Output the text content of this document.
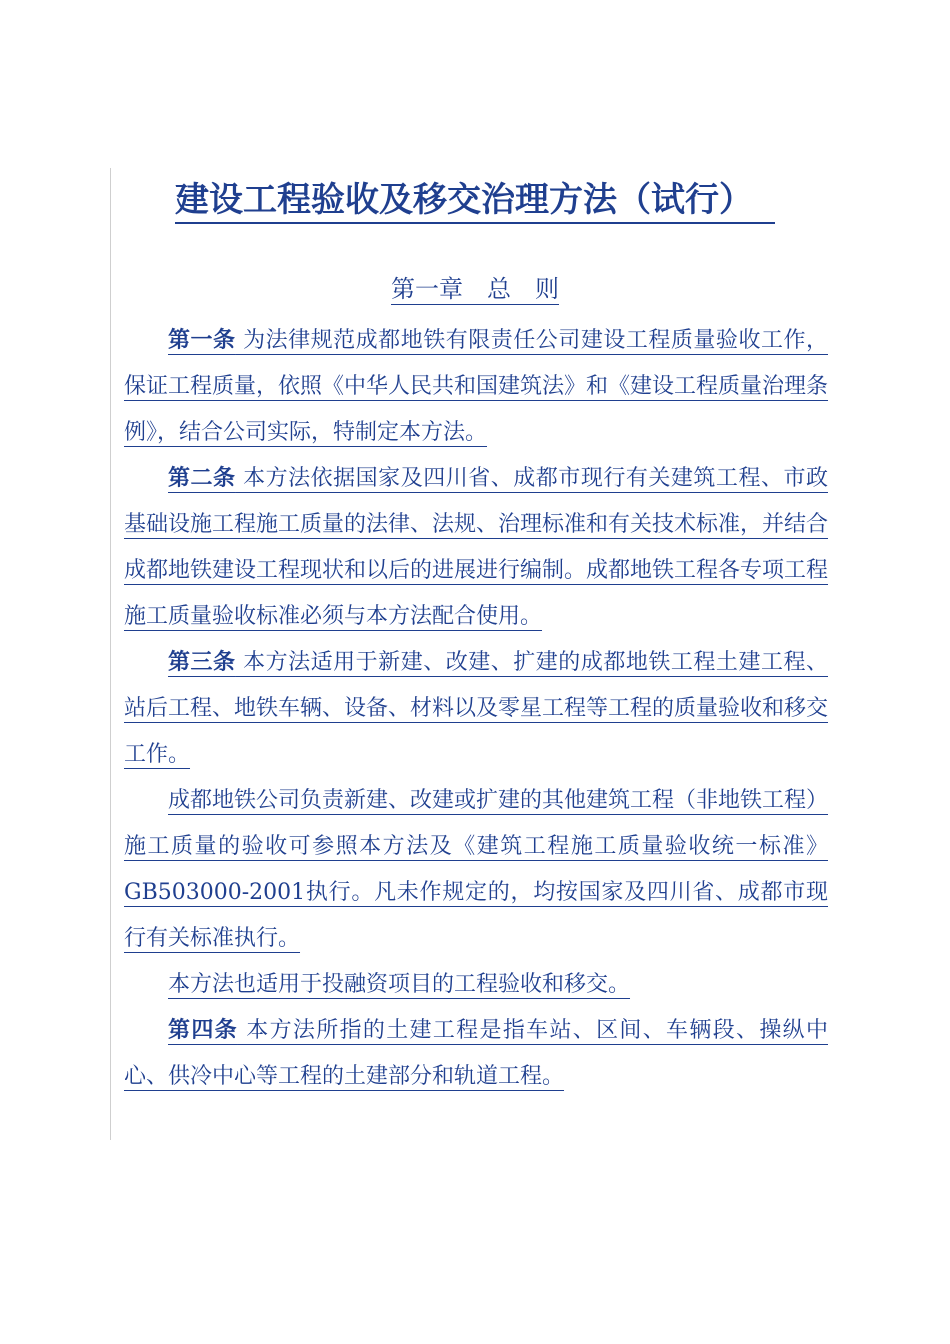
建设工程验收及移交治理方法（试行）
第一章　总　则

第一条 为法律规范成都地铁有限责任公司建设工程质量验收工作，保证工程质量，依照《中华人民共和国建筑法》和《建设工程质量治理条例》，结合公司实际，特制定本方法。

第二条 本方法依据国家及四川省、成都市现行有关建筑工程、市政基础设施工程施工质量的法律、法规、治理标准和有关技术标准，并结合成都地铁建设工程现状和以后的进展进行编制。成都地铁工程各专项工程施工质量验收标准必须与本方法配合使用。

第三条 本方法适用于新建、改建、扩建的成都地铁工程土建工程、站后工程、地铁车辆、设备、材料以及零星工程等工程的质量验收和移交工作。

成都地铁公司负责新建、改建或扩建的其他建筑工程（非地铁工程）施工质量的验收可参照本方法及《建筑工程施工质量验收统一标准》GB503000-2001执行。凡未作规定的，均按国家及四川省、成都市现行有关标准执行。

本方法也适用于投融资项目的工程验收和移交。

第四条 本方法所指的土建工程是指车站、区间、车辆段、操纵中心、供冷中心等工程的土建部分和轨道工程。
